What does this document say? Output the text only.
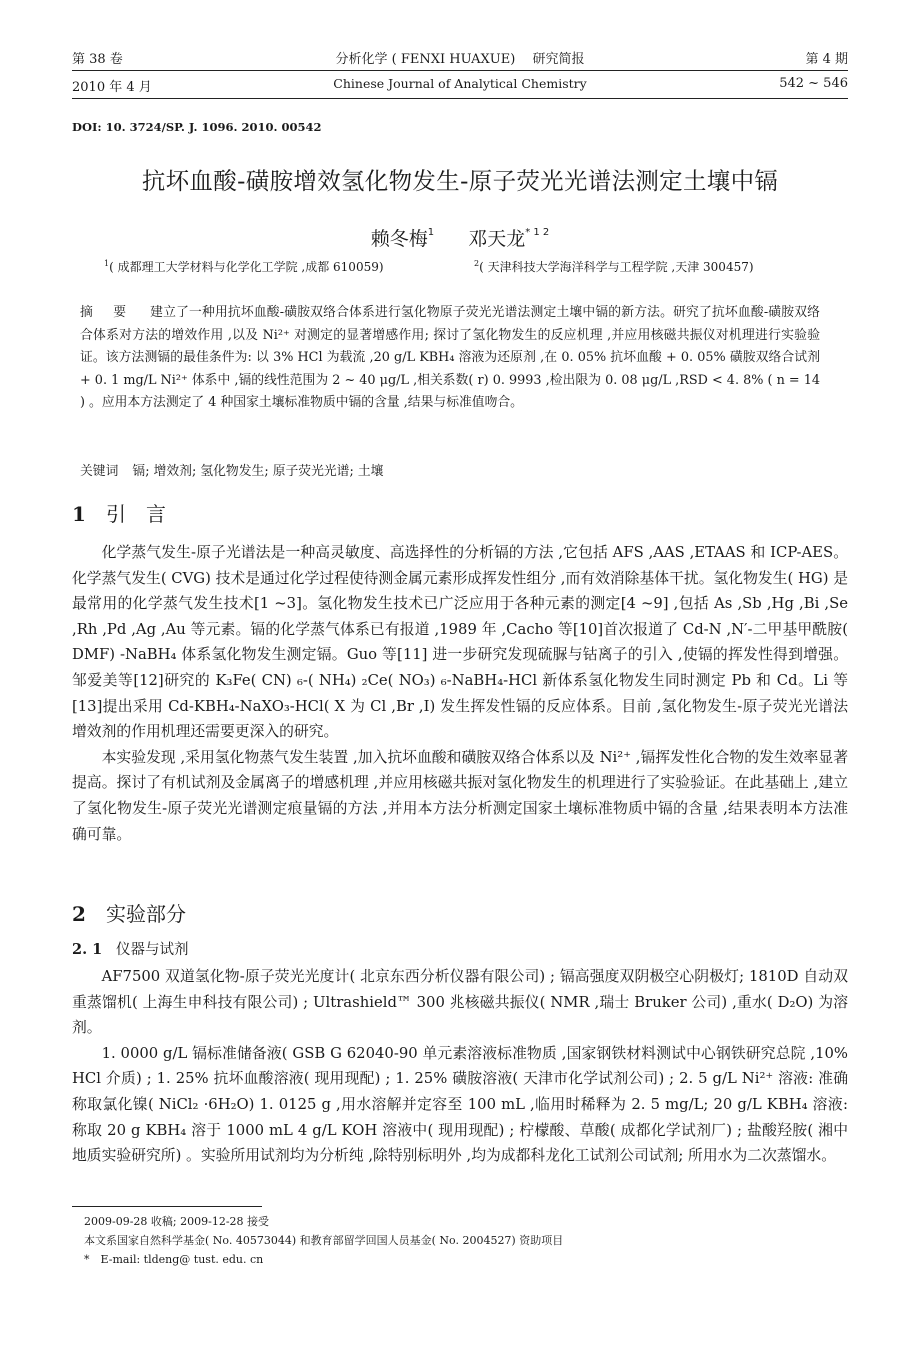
第 38 卷	分析化学 ( FENXI HUAXUE)　 研究简报	第 4 期
2010 年 4 月	Chinese Journal of Analytical Chemistry	542 ~ 546
DOI: 10. 3724/SP. J. 1096. 2010. 00542
抗坏血酸-磺胺增效氢化物发生-原子荧光光谱法测定土壤中镉
赖冬梅$^1$ 邓天龙$^{* 1 2}$
$^1$( 成都理工大学材料与化学化工学院 ,成都 610059)	$^2$( 天津科技大学海洋科学与工程学院 ,天津 300457)
摘 要 建立了一种用抗坏血酸-磺胺双络合体系进行氢化物原子荧光光谱法测定土壤中镉的新方法。研究了抗坏血酸-磺胺双络合体系对方法的增效作用 ,以及 Ni²⁺ 对测定的显著增感作用; 探讨了氢化物发生的反应机理 ,并应用核磁共振仪对机理进行实验验证。该方法测镉的最佳条件为: 以 3% HCl 为载流 ,20 g/L KBH₄ 溶液为还原剂 ,在 0. 05% 抗坏血酸 + 0. 05% 磺胺双络合试剂 + 0. 1 mg/L Ni²⁺ 体系中 ,镉的线性范围为 2 ~ 40 μg/L ,相关系数( r) 0. 9993 ,检出限为 0. 08 μg/L ,RSD < 4. 8% ( n = 14 ) 。应用本方法测定了 4 种国家土壤标准物质中镉的含量 ,结果与标准值吻合。
关键词 镉; 增效剂; 氢化物发生; 原子荧光光谱; 土壤
1 引　言

化学蒸气发生-原子光谱法是一种高灵敏度、高选择性的分析镉的方法 ,它包括 AFS ,AAS ,ETAAS 和 ICP-AES。化学蒸气发生( CVG) 技术是通过化学过程使待测金属元素形成挥发性组分 ,而有效消除基体干扰。氢化物发生( HG) 是最常用的化学蒸气发生技术[1 ~3]。氢化物发生技术已广泛应用于各种元素的测定[4 ~9] ,包括 As ,Sb ,Hg ,Bi ,Se ,Rh ,Pd ,Ag ,Au 等元素。镉的化学蒸气体系已有报道 ,1989 年 ,Cacho 等[10]首次报道了 Cd-N ,N′-二甲基甲酰胺( DMF) -NaBH₄ 体系氢化物发生测定镉。Guo 等[11] 进一步研究发现硫脲与钴离子的引入 ,使镉的挥发性得到增强。邹爱美等[12]研究的 K₃Fe( CN) ₆-( NH₄) ₂Ce( NO₃) ₆-NaBH₄-HCl 新体系氢化物发生同时测定 Pb 和 Cd。Li 等[13]提出采用 Cd-KBH₄-NaXO₃-HCl( X 为 Cl ,Br ,I) 发生挥发性镉的反应体系。目前 ,氢化物发生-原子荧光光谱法增效剂的作用机理还需要更深入的研究。

本实验发现 ,采用氢化物蒸气发生装置 ,加入抗坏血酸和磺胺双络合体系以及 Ni²⁺ ,镉挥发性化合物的发生效率显著提高。探讨了有机试剂及金属离子的增感机理 ,并应用核磁共振对氢化物发生的机理进行了实验验证。在此基础上 ,建立了氢化物发生-原子荧光光谱测定痕量镉的方法 ,并用本方法分析测定国家土壤标准物质中镉的含量 ,结果表明本方法准确可靠。

2 实验部分
2. 1 仪器与试剂

AF7500 双道氢化物-原子荧光光度计( 北京东西分析仪器有限公司) ; 镉高强度双阴极空心阴极灯; 1810D 自动双重蒸馏机( 上海生申科技有限公司) ; Ultrashield™ 300 兆核磁共振仪( NMR ,瑞士 Bruker 公司) ,重水( D₂O) 为溶剂。

1. 0000 g/L 镉标准储备液( GSB G 62040-90 单元素溶液标准物质 ,国家钢铁材料测试中心钢铁研究总院 ,10% HCl 介质) ; 1. 25% 抗坏血酸溶液( 现用现配) ; 1. 25% 磺胺溶液( 天津市化学试剂公司) ; 2. 5 g/L Ni²⁺ 溶液: 准确称取氯化镍( NiCl₂ ·6H₂O) 1. 0125 g ,用水溶解并定容至 100 mL ,临用时稀释为 2. 5 mg/L; 20 g/L KBH₄ 溶液: 称取 20 g KBH₄ 溶于 1000 mL 4 g/L KOH 溶液中( 现用现配) ; 柠檬酸、草酸( 成都化学试剂厂) ; 盐酸羟胺( 湘中地质实验研究所) 。实验所用试剂均为分析纯 ,除特别标明外 ,均为成都科龙化工试剂公司试剂; 所用水为二次蒸馏水。

2009-09-28 收稿; 2009-12-28 接受
本文系国家自然科学基金( No. 40573044) 和教育部留学回国人员基金( No. 2004527) 资助项目
*　E-mail: tldeng@ tust. edu. cn
